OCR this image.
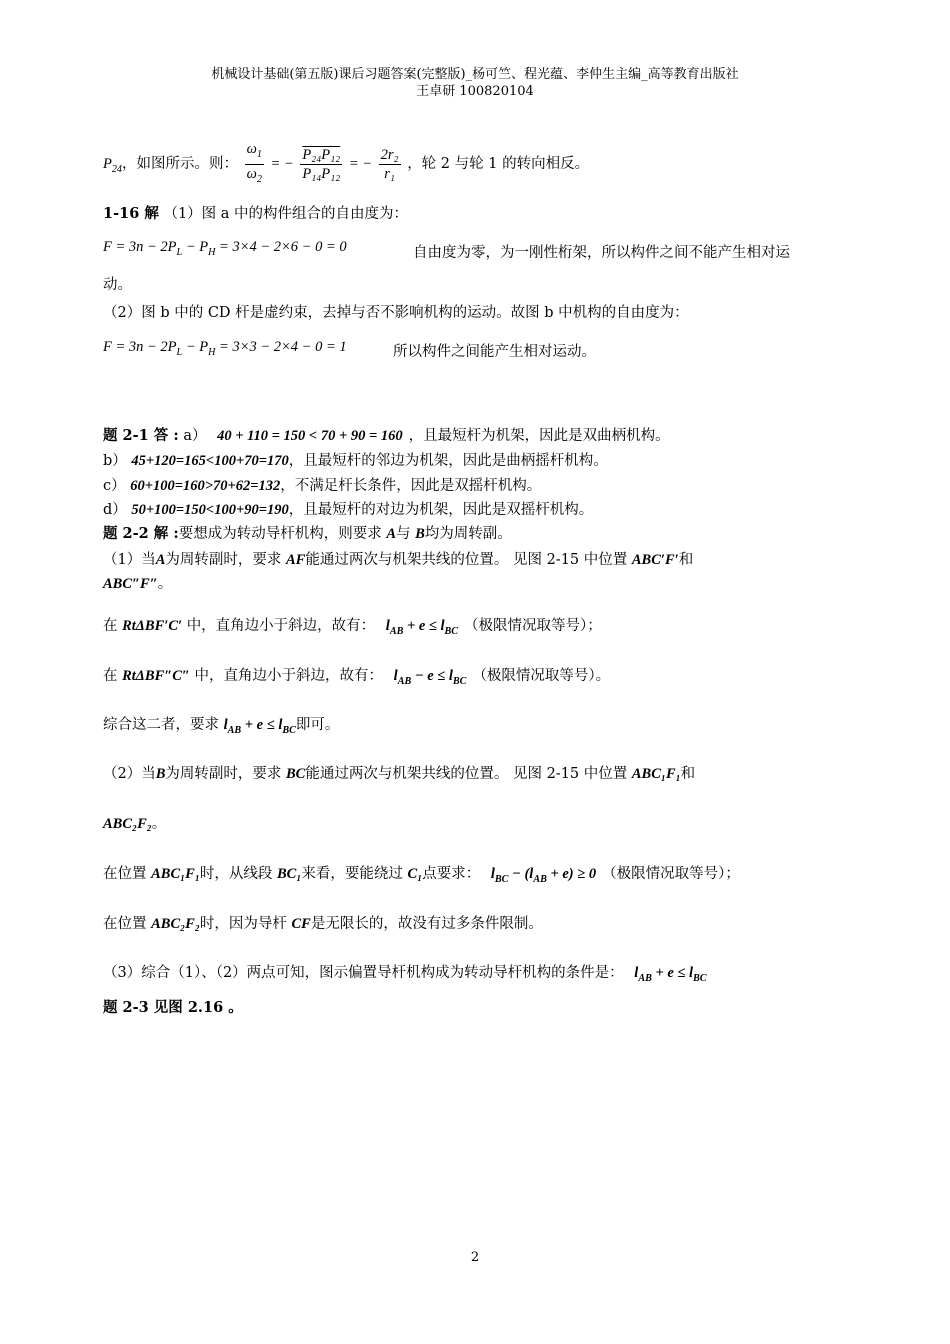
机械设计基础(第五版)课后习题答案(完整版)_杨可竺、程光蕴、李仲生主编_高等教育出版社
王卓研 100820104
$P_{24}$，如图所示。则： $\frac{\omega_1}{\omega_2}$ = − $\frac{\text{P₂₄P₁₂}}{\text{P₁₄P₁₂}}$ = − $\frac{\text{2r₂}}{\text{r₁}}$ ，轮 2 与轮 1 的转向相反。
1-16 解 （1）图 a 中的构件组合的自由度为：
$F = 3n - 2P_L - P_H = 3\times 4 - 2\times 6 - 0 = 0$	自由度为零，为一刚性桁架，所以构件之间不能产生相对运
动。
（2）图 b 中的 CD 杆是虚约束，去掉与否不影响机构的运动。故图 b 中机构的自由度为：
$F = 3n - 2P_L - P_H = 3\times 3 - 2\times 4 - 0 = 1$	所以构件之间能产生相对运动。
题 2-1 答 : a） 40 + 110 = 150 < 70 + 90 = 160 ，且最短杆为机架，因此是双曲柄机构。
b） 45+120=165<100+70=170，且最短杆的邻边为机架，因此是曲柄摇杆机构。
c） 60+100=160>70+62=132，不满足杆长条件，因此是双摇杆机构。
d） 50+100=150<100+90=190，且最短杆的对边为机架，因此是双摇杆机构。
题 2-2 解 :要想成为转动导杆机构，则要求 A与 B均为周转副。
（1）当A为周转副时，要求 AF能通过两次与机架共线的位置。 见图 2-15 中位置 ABC′F′和
ABC″F″。
在 RtΔBF′C′ 中，直角边小于斜边，故有： $l_{AB} + e \le l_{BC}$ （极限情况取等号）；
在 RtΔBF″C″ 中，直角边小于斜边，故有： $l_{AB} - e \le l_{BC}$ （极限情况取等号）。
综合这二者，要求 $l_{AB} + e \le l_{BC}$即可。
（2）当B为周转副时，要求 BC能通过两次与机架共线的位置。 见图 2-15 中位置 ABC₁F₁和
ABC₂F₂。
在位置 ABC₁F₁时，从线段 BC₁来看，要能绕过 C₁点要求： $l_{BC} - (l_{AB} + e) \ge 0$ （极限情况取等号）；
在位置 ABC₂F₂时，因为导杆 CF是无限长的，故没有过多条件限制。
（3）综合（1）、（2）两点可知，图示偏置导杆机构成为转动导杆机构的条件是： $l_{AB} + e \le l_{BC}$
题 2-3 见图 2.16 。
2
